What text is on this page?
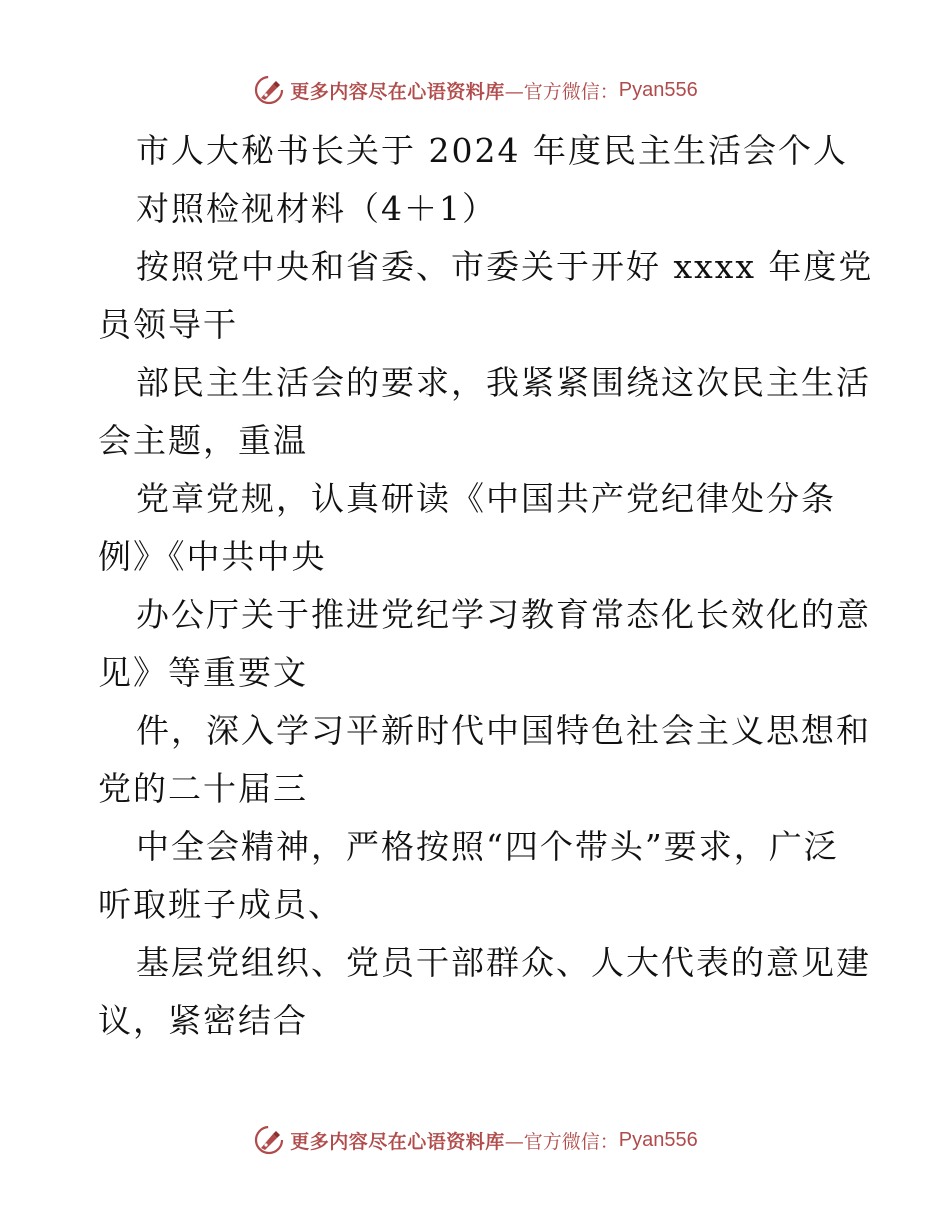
更多内容尽在心语资料库 —官方微信： Pyan556
市人大秘书长关于 2024 年度民主生活会个人
对照检视材料（4＋1）
按照党中央和省委、市委关于开好 xxxx 年度党
员领导干
部民主生活会的要求，我紧紧围绕这次民主生活
会主题，重温
党章党规，认真研读《中国共产党纪律处分条
例》《中共中央
办公厅关于推进党纪学习教育常态化长效化的意
见》等重要文
件，深入学习平新时代中国特色社会主义思想和
党的二十届三
中全会精神，严格按照“四个带头”要求，广泛
听取班子成员、
基层党组织、党员干部群众、人大代表的意见建
议，紧密结合
更多内容尽在心语资料库 —官方微信： Pyan556
